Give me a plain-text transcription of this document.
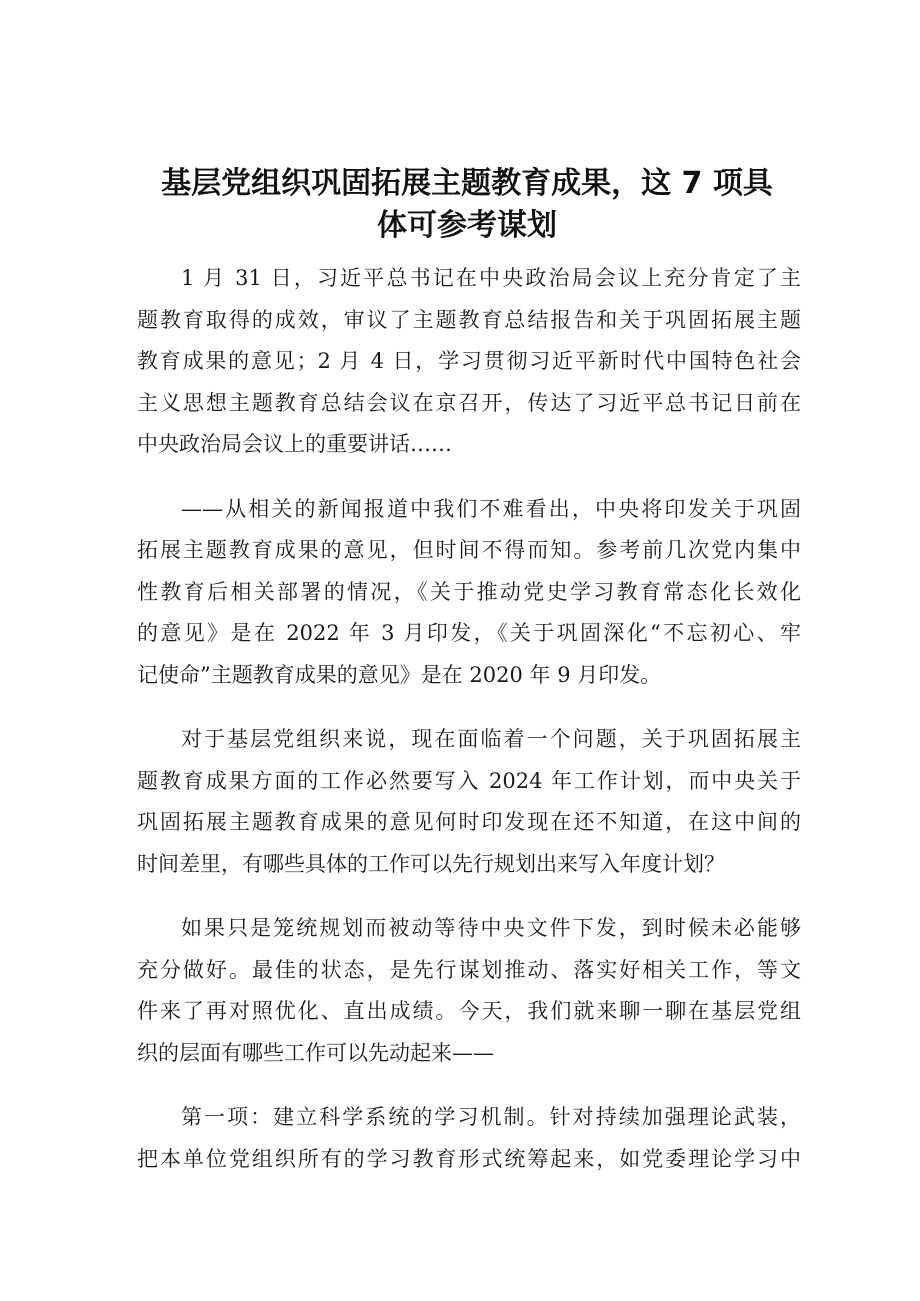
基层党组织巩固拓展主题教育成果，这 7 项具
体可参考谋划
1 月 31 日，习近平总书记在中央政治局会议上充分肯定了主
题教育取得的成效，审议了主题教育总结报告和关于巩固拓展主题
教育成果的意见；2 月 4 日，学习贯彻习近平新时代中国特色社会
主义思想主题教育总结会议在京召开，传达了习近平总书记日前在
中央政治局会议上的重要讲话……
——从相关的新闻报道中我们不难看出，中央将印发关于巩固
拓展主题教育成果的意见，但时间不得而知。参考前几次党内集中
性教育后相关部署的情况，《关于推动党史学习教育常态化长效化
的意见》是在 2022 年 3 月印发，《关于巩固深化“不忘初心、牢
记使命”主题教育成果的意见》是在 2020 年 9 月印发。
对于基层党组织来说，现在面临着一个问题，关于巩固拓展主
题教育成果方面的工作必然要写入 2024 年工作计划，而中央关于
巩固拓展主题教育成果的意见何时印发现在还不知道，在这中间的
时间差里，有哪些具体的工作可以先行规划出来写入年度计划？
如果只是笼统规划而被动等待中央文件下发，到时候未必能够
充分做好。最佳的状态，是先行谋划推动、落实好相关工作，等文
件来了再对照优化、直出成绩。今天，我们就来聊一聊在基层党组
织的层面有哪些工作可以先动起来——
第一项：建立科学系统的学习机制。针对持续加强理论武装，
把本单位党组织所有的学习教育形式统筹起来，如党委理论学习中
